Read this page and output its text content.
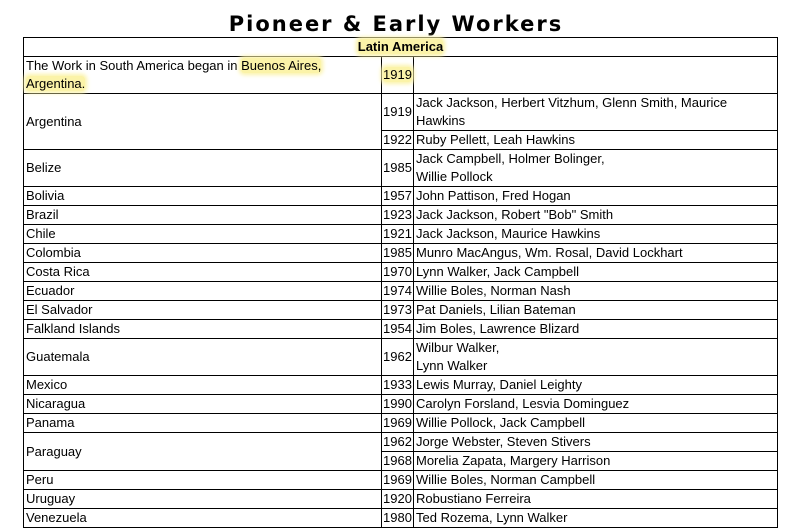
Pioneer & Early Workers
Latin America		
The Work in South America began in Buenos Aires,
Argentina.	1919	
Argentina	1919	Jack Jackson, Herbert Vitzhum, Glenn Smith, Maurice Hawkins
	1922	Ruby Pellett, Leah Hawkins
Belize	1985	Jack Campbell, Holmer Bolinger,
Willie Pollock
Bolivia	1957	John Pattison, Fred Hogan
Brazil	1923	Jack Jackson, Robert "Bob" Smith
Chile	1921	Jack Jackson, Maurice Hawkins
Colombia	1985	Munro MacAngus, Wm. Rosal, David Lockhart
Costa Rica	1970	Lynn Walker, Jack Campbell
Ecuador	1974	Willie Boles, Norman Nash
El Salvador	1973	Pat Daniels, Lilian Bateman
Falkland Islands	1954	Jim Boles, Lawrence Blizard
Guatemala	1962	Wilbur Walker,
Lynn Walker
Mexico	1933	Lewis Murray, Daniel Leighty
Nicaragua	1990	Carolyn Forsland, Lesvia Dominguez
Panama	1969	Willie Pollock, Jack Campbell
Paraguay	1962	Jorge Webster, Steven Stivers
	1968	Morelia Zapata, Margery Harrison
Peru	1969	Willie Boles, Norman Campbell
Uruguay	1920	Robustiano Ferreira
Venezuela	1980	Ted Rozema, Lynn Walker
